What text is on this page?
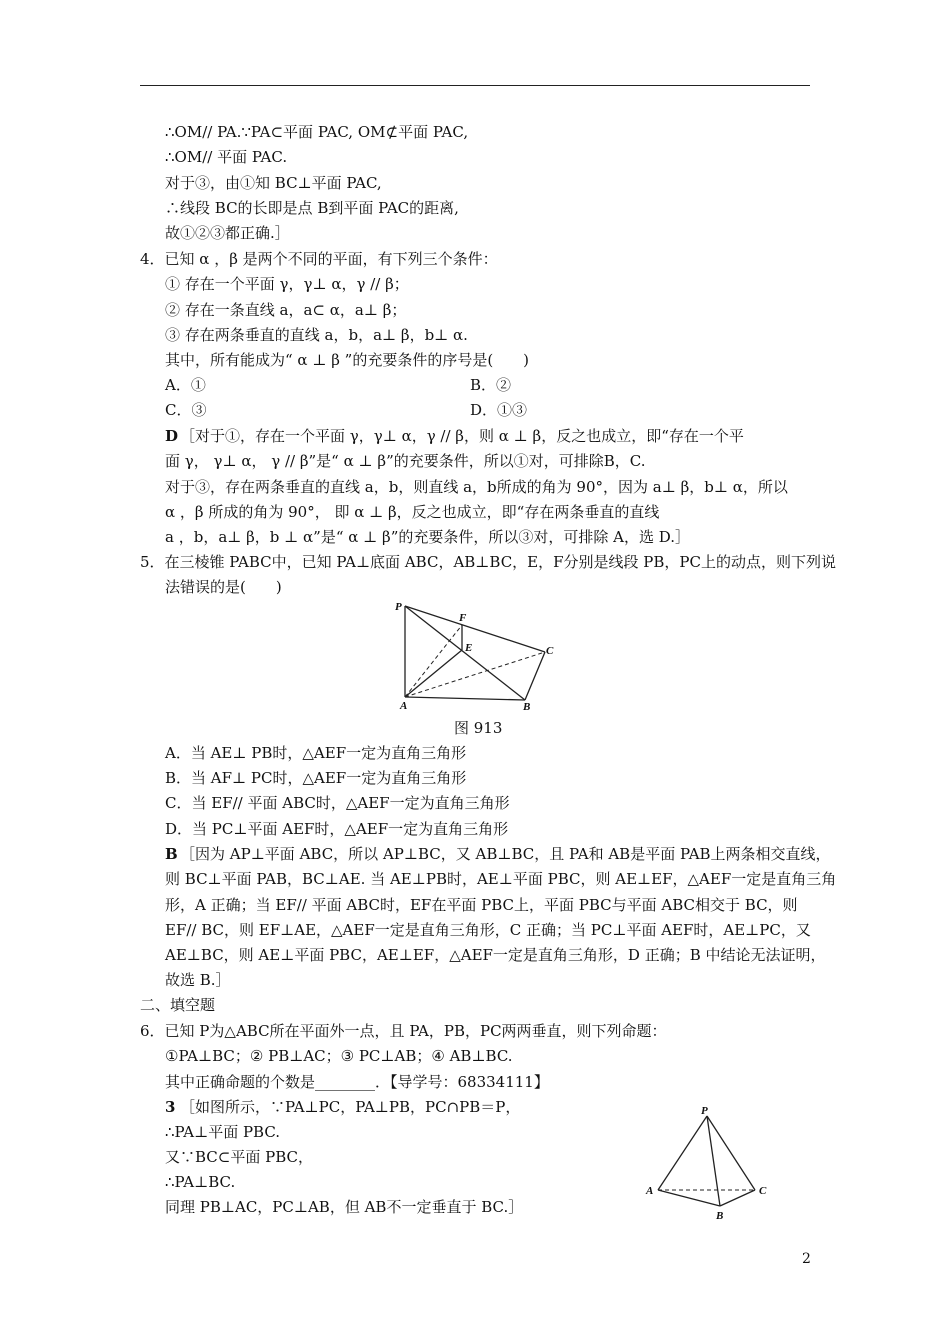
∴OM// PA.∵PA⊂平面 PAC, OM⊄平面 PAC,
∴OM// 平面 PAC.
对于③，由①知 BC⊥平面 PAC,
∴线段 BC的长即是点 B到平面 PAC的距离,
故①②③都正确.］
4．已知 α ，β 是两个不同的平面，有下列三个条件：
① 存在一个平面 γ，γ⊥ α，γ // β；
② 存在一条直线 a，a⊂ α，a⊥ β；
③ 存在两条垂直的直线 a，b，a⊥ β，b⊥ α.
其中，所有能成为“ α ⊥ β ”的充要条件的序号是(　　)
A．①	B．②
C．③	D．①③
D ［对于①，存在一个平面 γ，γ⊥ α，γ // β，则 α ⊥ β，反之也成立，即“存在一个平
面 γ， γ⊥ α， γ // β”是“ α ⊥ β”的充要条件，所以①对，可排除B，C.
对于③，存在两条垂直的直线 a，b，则直线 a，b所成的角为 90°，因为 a⊥ β，b⊥ α，所以
α ，β 所成的角为 90°， 即 α ⊥ β，反之也成立，即“存在两条垂直的直线
a ，b，a⊥ β，b ⊥ α”是“ α ⊥ β”的充要条件，所以③对，可排除 A，选 D.］
5．在三棱锥 PABC中，已知 PA⊥底面 ABC，AB⊥BC，E，F分别是线段 PB，PC上的动点，则下列说
法错误的是(　　)
P
F
E	C
A	B
图 913
A．当 AE⊥ PB时，△AEF一定为直角三角形
B．当 AF⊥ PC时，△AEF一定为直角三角形
C．当 EF// 平面 ABC时，△AEF一定为直角三角形
D．当 PC⊥平面 AEF时，△AEF一定为直角三角形
B ［因为 AP⊥平面 ABC，所以 AP⊥BC，又 AB⊥BC，且 PA和 AB是平面 PAB上两条相交直线，
则 BC⊥平面 PAB，BC⊥AE. 当 AE⊥PB时，AE⊥平面 PBC，则 AE⊥EF，△AEF一定是直角三角
形，A 正确；当 EF// 平面 ABC时，EF在平面 PBC上，平面 PBC与平面 ABC相交于 BC，则
EF// BC，则 EF⊥AE，△AEF一定是直角三角形，C 正确；当 PC⊥平面 AEF时，AE⊥PC，又
AE⊥BC，则 AE⊥平面 PBC，AE⊥EF，△AEF一定是直角三角形，D 正确；B 中结论无法证明，
故选 B.］
二、填空题
6．已知 P为△ABC所在平面外一点，且 PA，PB，PC两两垂直，则下列命题：
①PA⊥BC；② PB⊥AC；③ PC⊥AB；④ AB⊥BC.
其中正确命题的个数是________．【导学号：68334111】
3 ［如图所示，∵PA⊥PC，PA⊥PB，PC∩PB＝P，
∴PA⊥平面 PBC.
又∵BC⊂平面 PBC，
∴PA⊥BC.
同理 PB⊥AC，PC⊥AB，但 AB不一定垂直于 BC.］
P
A	C
B
2
